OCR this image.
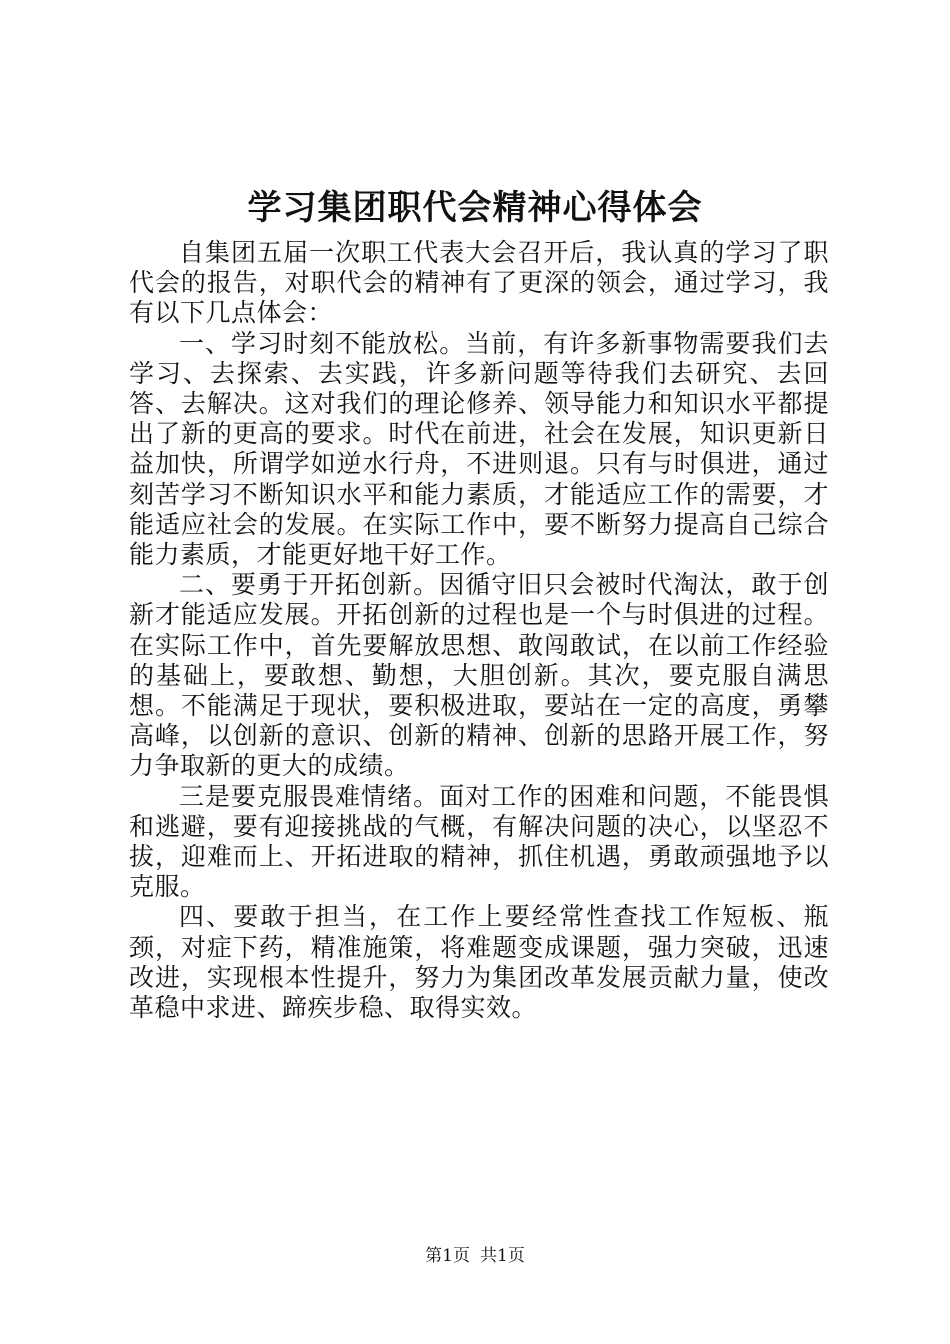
学习集团职代会精神心得体会

自集团五届一次职工代表大会召开后，我认真的学习了职代会的报告，对职代会的精神有了更深的领会，通过学习，我有以下几点体会：

一、学习时刻不能放松。当前，有许多新事物需要我们去学习、去探索、去实践，许多新问题等待我们去研究、去回答、去解决。这对我们的理论修养、领导能力和知识水平都提出了新的更高的要求。时代在前进，社会在发展，知识更新日益加快，所谓学如逆水行舟，不进则退。只有与时俱进，通过刻苦学习不断知识水平和能力素质，才能适应工作的需要，才能适应社会的发展。在实际工作中，要不断努力提高自己综合能力素质，才能更好地干好工作。

二、要勇于开拓创新。因循守旧只会被时代淘汰，敢于创新才能适应发展。开拓创新的过程也是一个与时俱进的过程。在实际工作中，首先要解放思想、敢闯敢试，在以前工作经验的基础上，要敢想、勤想，大胆创新。其次，要克服自满思想。不能满足于现状，要积极进取，要站在一定的高度，勇攀高峰，以创新的意识、创新的精神、创新的思路开展工作，努力争取新的更大的成绩。

三是要克服畏难情绪。面对工作的困难和问题，不能畏惧和逃避，要有迎接挑战的气概，有解决问题的决心，以坚忍不拔，迎难而上、开拓进取的精神，抓住机遇，勇敢顽强地予以克服。

四、要敢于担当，在工作上要经常性查找工作短板、瓶颈，对症下药，精准施策，将难题变成课题，强力突破，迅速改进，实现根本性提升，努力为集团改革发展贡献力量，使改革稳中求进、蹄疾步稳、取得实效。

第1页 共1页
